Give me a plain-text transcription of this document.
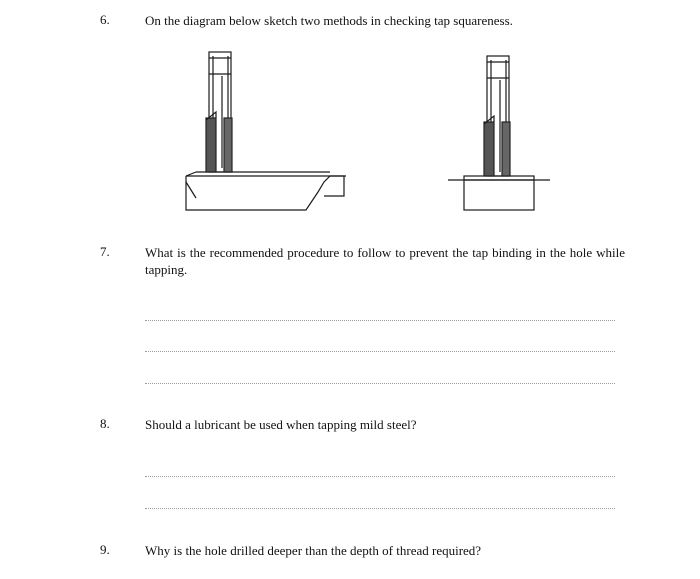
6.	On the diagram below sketch two methods in checking tap squareness.
7.	What is the recommended procedure to follow to prevent the tap binding in the hole while tapping.
8.	Should a lubricant be used when tapping mild steel?
9.	Why is the hole drilled deeper than the depth of thread required?
